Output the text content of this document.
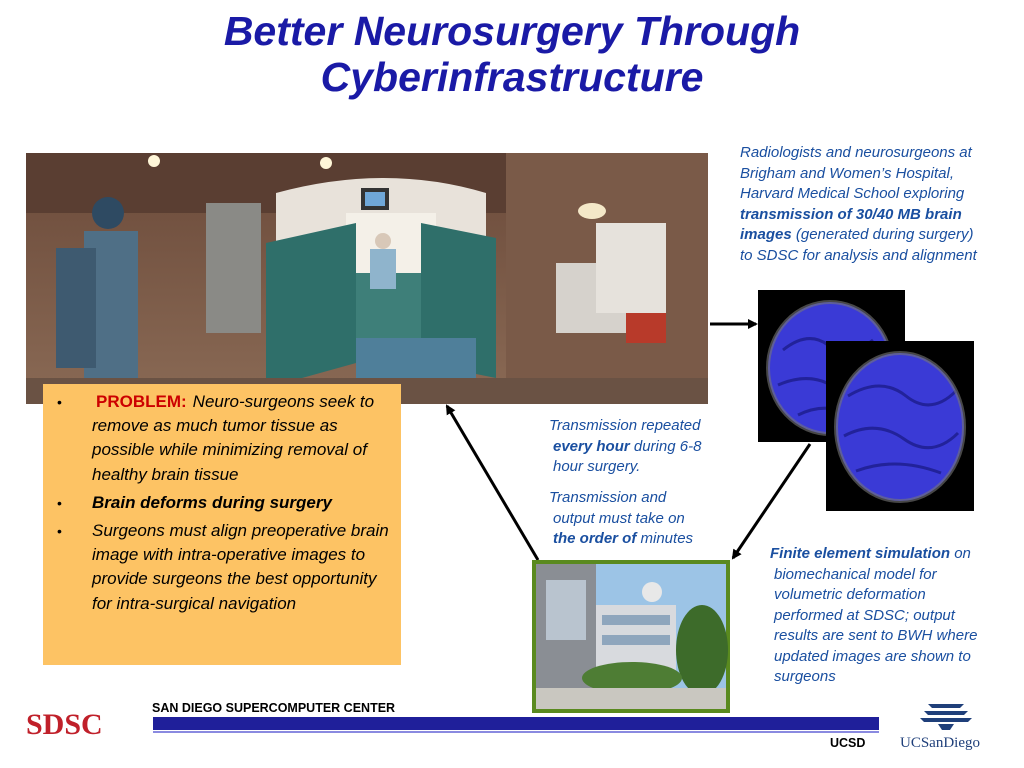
Better Neurosurgery Through
Cyberinfrastructure
Radiologists and neurosurgeons at
Brigham and Women’s Hospital,
Harvard Medical School exploring
transmission of 30/40 MB brain
images (generated during surgery)
to SDSC for analysis and alignment
Transmission repeated
every hour during 6-8
hour surgery.
Transmission and
output must take on
the order of minutes
• PROBLEM: Neuro-surgeons seek to remove as much tumor tissue as possible while minimizing removal of healthy brain tissue
• Brain deforms during surgery
• Surgeons must align preoperative brain image with intra-operative images to provide surgeons the best opportunity for intra-surgical navigation
Finite element simulation on
biomechanical model for
volumetric deformation
performed at SDSC; output
results are sent to BWH where
updated images are shown to
surgeons
SAN DIEGO SUPERCOMPUTER CENTER
UCSD
SDSC
UCSanDiego
